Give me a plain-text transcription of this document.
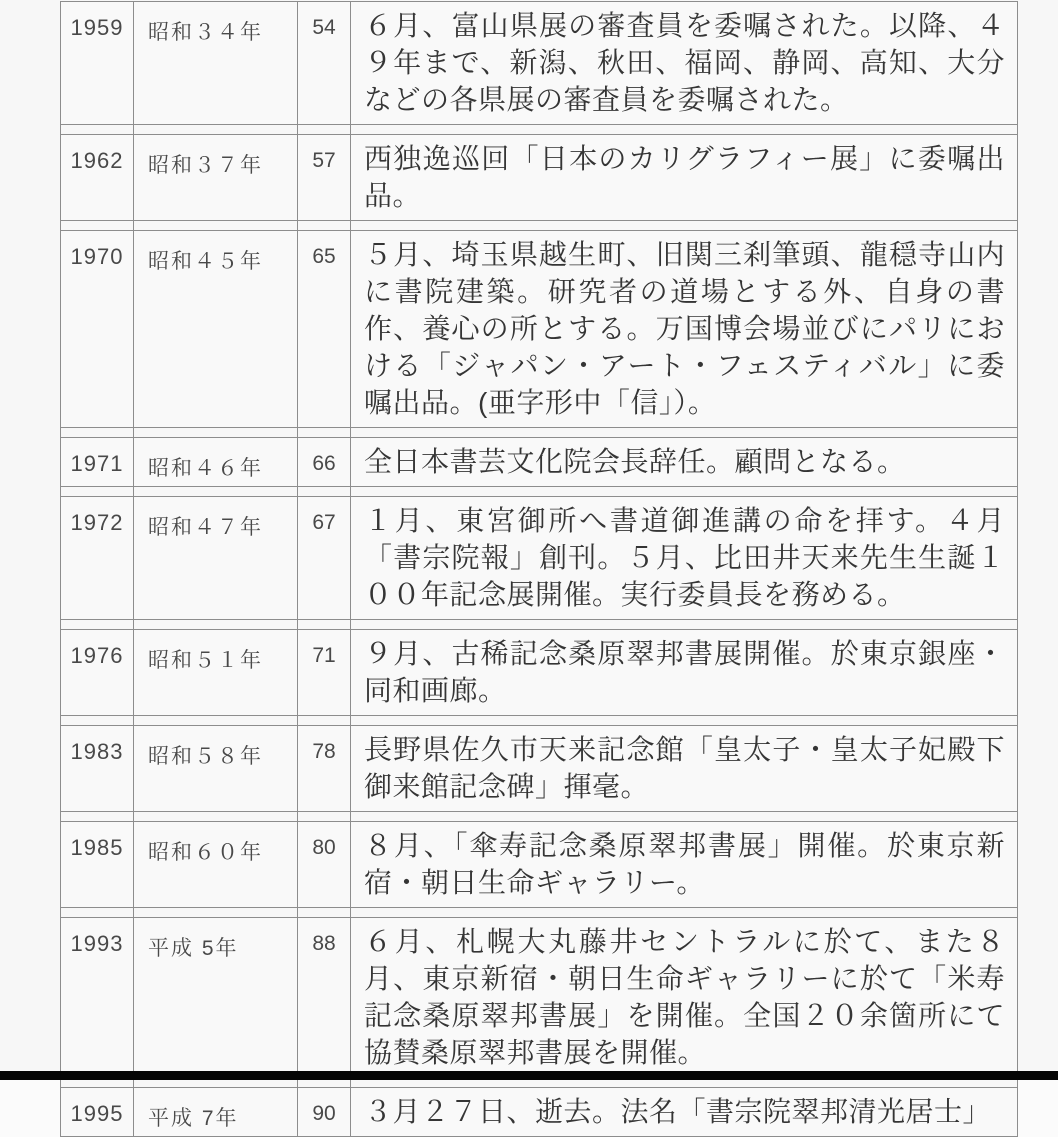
1959	昭和３４年	54	６月、富山県展の審査員を委嘱された。以降、４９年まで、新潟、秋田、福岡、静岡、高知、大分などの各県展の審査員を委嘱された。
1962	昭和３７年	57	西独逸巡回「日本のカリグラフィー展」に委嘱出品。
1970	昭和４５年	65	５月、埼玉県越生町、旧関三刹筆頭、龍穏寺山内に書院建築。研究者の道場とする外、自身の書作、養心の所とする。万国博会場並びにパリにおける「ジャパン・アート・フェスティバル」に委嘱出品。(亜字形中「信」）。
1971	昭和４６年	66	全日本書芸文化院会長辞任。顧問となる。
1972	昭和４７年	67	１月、東宮御所へ書道御進講の命を拝す。４月「書宗院報」創刊。５月、比田井天来先生生誕１００年記念展開催。実行委員長を務める。
1976	昭和５１年	71	９月、古稀記念桑原翠邦書展開催。於東京銀座・同和画廊。
1983	昭和５８年	78	長野県佐久市天来記念館「皇太子・皇太子妃殿下御来館記念碑」揮毫。
1985	昭和６０年	80	８月、「傘寿記念桑原翠邦書展」開催。於東京新宿・朝日生命ギャラリー。
1993	平成 5年	88	６月、札幌大丸藤井セントラルに於て、また８月、東京新宿・朝日生命ギャラリーに於て「米寿記念桑原翠邦書展」を開催。全国２０余箇所にて協賛桑原翠邦書展を開催。
1995	平成 7年	90	３月２７日、逝去。法名「書宗院翠邦清光居士」
